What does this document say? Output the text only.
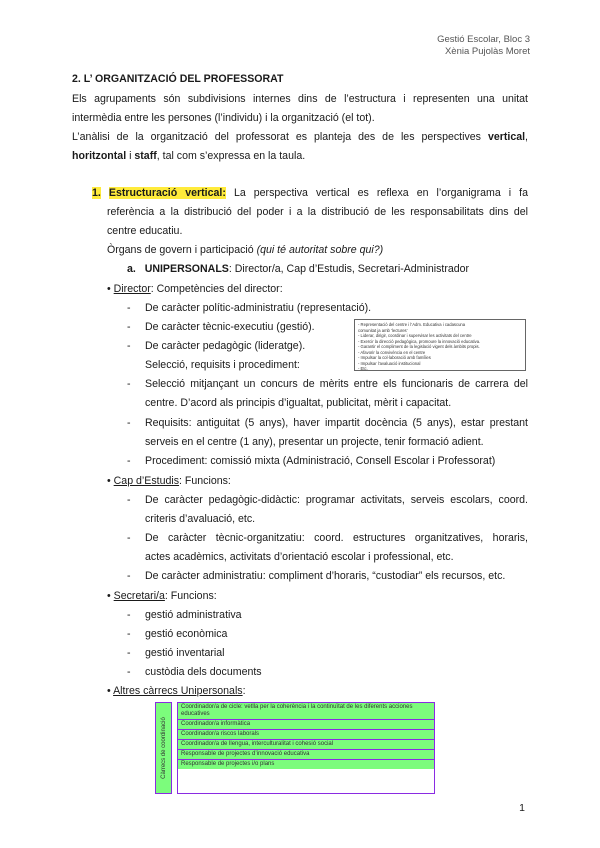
Gestió Escolar, Bloc 3
Xènia Pujolàs Moret
2. L’ ORGANITZACIÓ DEL PROFESSORAT
Els agrupaments són subdivisions internes dins de l’estructura i representen una unitat
intermèdia entre les persones (l’individu) i la organització (el tot).
L’anàlisi de la organització del professorat es planteja des de les perspectives vertical,
horitzontal i staff, tal com s’expressa en la taula.
1. Estructuració vertical: La perspectiva vertical es reflexa en l’organigrama i fa
referència a la distribució del poder i a la distribució de les responsabilitats dins del
centre educatiu.
Òrgans de govern i participació (qui té autoritat sobre qui?)
a. UNIPERSONALS: Director/a, Cap d’Estudis, Secretari-Administrador
• Director: Competències del director:
- De caràcter polític-administratiu (representació).
- De caràcter tècnic-executiu (gestió).
- De caràcter pedagògic (lideratge).
Selecció, requisits i procediment:
- Selecció mitjançant un concurs de mèrits entre els funcionaris de carrera del
centre. D’acord als principis d’igualtat, publicitat, mèrit i capacitat.
- Requisits: antiguitat (5 anys), haver impartit docència (5 anys), estar prestant
serveis en el centre (1 any), presentar un projecte, tenir formació adient.
- Procediment: comissió mixta (Administració, Consell Escolar i Professorat)
- Representació del centre i l’Adm. Educativa i cadascuna
comunitat ja amb ‘lectures’
- Liderar, dirigir, coordinar i supervisar les activitats del centre
- Exercir la direcció pedagògica, promoure la innovació educativa.
- Garantir el compliment de la legislació vigent dels àmbits propis.
- Afavorir la convivència en el centre
- Impulsar la col·laboració amb famílies
- Impulsar l’avaluació institucional
- Etc.
• Cap d’Estudis: Funcions:
- De caràcter pedagògic-didàctic: programar activitats, serveis escolars, coord.
criteris d’avaluació, etc.
- De caràcter tècnic-organitzatiu: coord. estructures organitzatives, horaris,
actes acadèmics, activitats d’orientació escolar i professional, etc.
- De caràcter administratiu: compliment d’horaris, “custodiar” els recursos, etc.
• Secretari/a: Funcions:
- gestió administrativa
- gestió econòmica
- gestió inventarial
- custòdia dels documents
• Altres càrrecs Unipersonals:
Càrrecs de coordinació
Coordinador/a de cicle: vetlla per la coherència i la continuïtat de les diferents acciones educatives
Coordinador/a informàtica
Coordinador/a riscos laborals
Coordinador/a de llengua, interculturalitat i cohesió social
Responsable de projectes d’innovació educativa
Responsable de projectes i/o plans
1
